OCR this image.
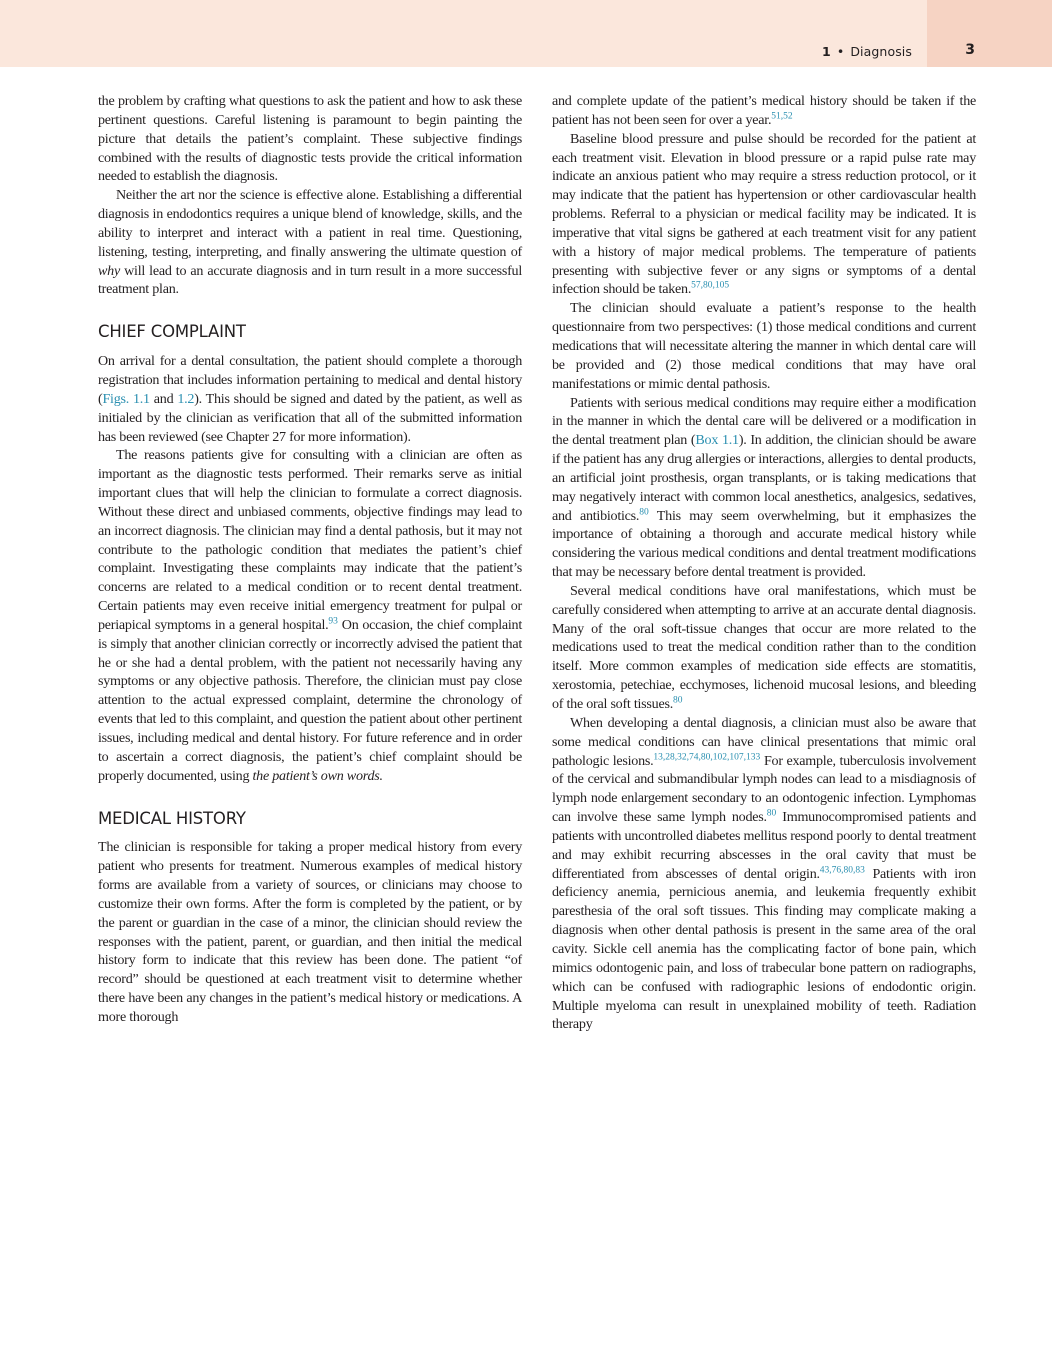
1 • Diagnosis	3

the problem by crafting what questions to ask the patient and how to ask these pertinent questions. Careful listening is paramount to begin painting the picture that details the patient’s complaint. These subjective findings combined with the results of diagnostic tests provide the critical information needed to establish the diagnosis.

Neither the art nor the science is effective alone. Establishing a differential diagnosis in endodontics requires a unique blend of knowledge, skills, and the ability to interpret and interact with a patient in real time. Questioning, listening, testing, interpreting, and finally answering the ultimate question of why will lead to an accurate diagnosis and in turn result in a more successful treatment plan.

CHIEF COMPLAINT

On arrival for a dental consultation, the patient should complete a thorough registration that includes information pertaining to medical and dental history (Figs. 1.1 and 1.2). This should be signed and dated by the patient, as well as initialed by the clinician as verification that all of the submitted information has been reviewed (see Chapter 27 for more information).

The reasons patients give for consulting with a clinician are often as important as the diagnostic tests performed. Their remarks serve as initial important clues that will help the clinician to formulate a correct diagnosis. Without these direct and unbiased comments, objective findings may lead to an incorrect diagnosis. The clinician may find a dental pathosis, but it may not contribute to the pathologic condition that mediates the patient’s chief complaint. Investigating these complaints may indicate that the patient’s concerns are related to a medical condition or to recent dental treatment. Certain patients may even receive initial emergency treatment for pulpal or periapical symptoms in a general hospital.$^{93}$ On occasion, the chief complaint is simply that another clinician correctly or incorrectly advised the patient that he or she had a dental problem, with the patient not necessarily having any symptoms or any objective pathosis. Therefore, the clinician must pay close attention to the actual expressed complaint, determine the chronology of events that led to this complaint, and question the patient about other pertinent issues, including medical and dental history. For future reference and in order to ascertain a correct diagnosis, the patient’s chief complaint should be properly documented, using the patient’s own words.

MEDICAL HISTORY

The clinician is responsible for taking a proper medical history from every patient who presents for treatment. Numerous examples of medical history forms are available from a variety of sources, or clinicians may choose to customize their own forms. After the form is completed by the patient, or by the parent or guardian in the case of a minor, the clinician should review the responses with the patient, parent, or guardian, and then initial the medical history form to indicate that this review has been done. The patient “of record” should be questioned at each treatment visit to determine whether there have been any changes in the patient’s medical history or medications. A more thorough

and complete update of the patient’s medical history should be taken if the patient has not been seen for over a year.$^{51,52}$

Baseline blood pressure and pulse should be recorded for the patient at each treatment visit. Elevation in blood pressure or a rapid pulse rate may indicate an anxious patient who may require a stress reduction protocol, or it may indicate that the patient has hypertension or other cardiovascular health problems. Referral to a physician or medical facility may be indicated. It is imperative that vital signs be gathered at each treatment visit for any patient with a history of major medical problems. The temperature of patients presenting with subjective fever or any signs or symptoms of a dental infection should be taken.$^{57,80,105}$

The clinician should evaluate a patient’s response to the health questionnaire from two perspectives: (1) those medical conditions and current medications that will necessitate altering the manner in which dental care will be provided and (2) those medical conditions that may have oral manifestations or mimic dental pathosis.

Patients with serious medical conditions may require either a modification in the manner in which the dental care will be delivered or a modification in the dental treatment plan (Box 1.1). In addition, the clinician should be aware if the patient has any drug allergies or interactions, allergies to dental products, an artificial joint prosthesis, organ transplants, or is taking medications that may negatively interact with common local anesthetics, analgesics, sedatives, and antibiotics.$^{80}$ This may seem overwhelming, but it emphasizes the importance of obtaining a thorough and accurate medical history while considering the various medical conditions and dental treatment modifications that may be necessary before dental treatment is provided.

Several medical conditions have oral manifestations, which must be carefully considered when attempting to arrive at an accurate dental diagnosis. Many of the oral soft-tissue changes that occur are more related to the medications used to treat the medical condition rather than to the condition itself. More common examples of medication side effects are stomatitis, xerostomia, petechiae, ecchymoses, lichenoid mucosal lesions, and bleeding of the oral soft tissues.$^{80}$

When developing a dental diagnosis, a clinician must also be aware that some medical conditions can have clinical presentations that mimic oral pathologic lesions.$^{13,28,32,74,80,102,107,133}$ For example, tuberculosis involvement of the cervical and submandibular lymph nodes can lead to a misdiagnosis of lymph node enlargement secondary to an odontogenic infection. Lymphomas can involve these same lymph nodes.$^{80}$ Immunocompromised patients and patients with uncontrolled diabetes mellitus respond poorly to dental treatment and may exhibit recurring abscesses in the oral cavity that must be differentiated from abscesses of dental origin.$^{43,76,80,83}$ Patients with iron deficiency anemia, pernicious anemia, and leukemia frequently exhibit paresthesia of the oral soft tissues. This finding may complicate making a diagnosis when other dental pathosis is present in the same area of the oral cavity. Sickle cell anemia has the complicating factor of bone pain, which mimics odontogenic pain, and loss of trabecular bone pattern on radiographs, which can be confused with radiographic lesions of endodontic origin. Multiple myeloma can result in unexplained mobility of teeth. Radiation therapy
